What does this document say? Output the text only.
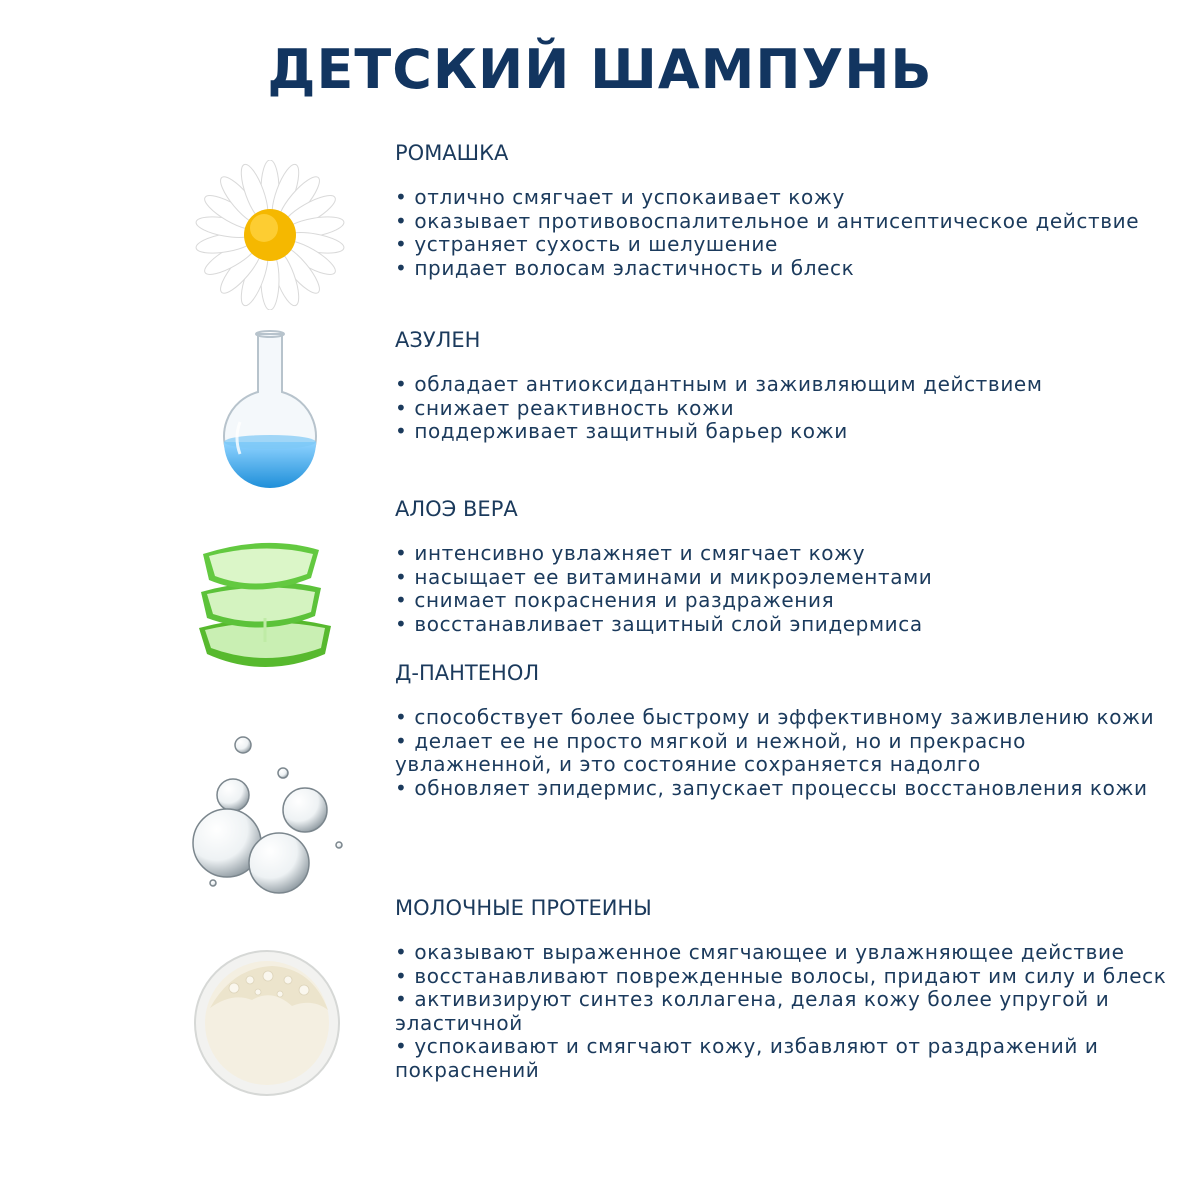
ДЕТСКИЙ ШАМПУНЬ
РОМАШКА
• отлично смягчает и успокаивает кожу
• оказывает противовоспалительное и антисептическое действие
• устраняет сухость и шелушение
• придает волосам эластичность и блеск
АЗУЛЕН
• обладает антиоксидантным и заживляющим действием
• снижает реактивность кожи
• поддерживает защитный барьер кожи
АЛОЭ ВЕРА
• интенсивно увлажняет и смягчает кожу
• насыщает ее витаминами и микроэлементами
• снимает покраснения и раздражения
• восстанавливает защитный слой эпидермиса
Д-ПАНТЕНОЛ
• способствует более быстрому и эффективному заживлению кожи
• делает ее не просто мягкой и нежной, но и прекрасно увлажненной, и это состояние сохраняется надолго
• обновляет эпидермис, запускает процессы восстановления кожи
МОЛОЧНЫЕ ПРОТЕИНЫ
• оказывают выраженное смягчающее и увлажняющее действие
• восстанавливают поврежденные волосы, придают им силу и блеск
• активизируют синтез коллагена, делая кожу более упругой и эластичной
• успокаивают и смягчают кожу, избавляют от раздражений и покраснений
